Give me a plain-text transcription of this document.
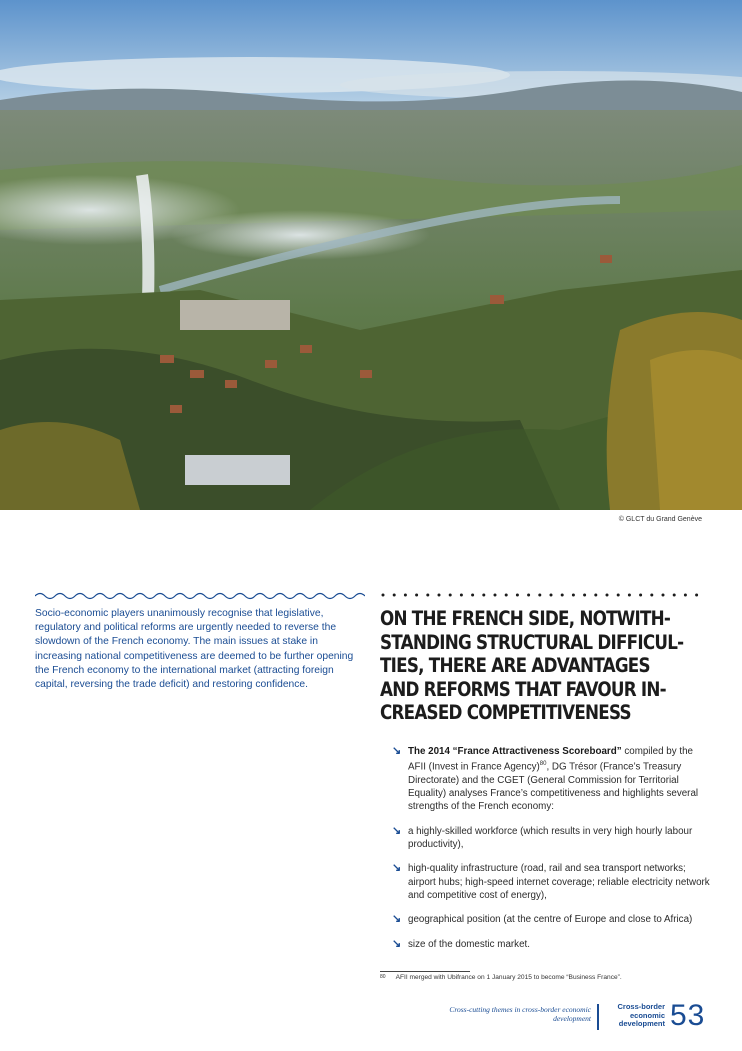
© GLCT du Grand Genève

Socio-economic players unanimously recognise that legislative, regulatory and political reforms are urgently needed to reverse the slowdown of the French economy. The main issues at stake in increasing national competitiveness are deemed to be further opening the French economy to the international market (attracting foreign capital, reversing the trade deficit) and restoring confidence.

ON THE FRENCH SIDE, NOTWITH-
STANDING STRUCTURAL DIFFICUL-
TIES, THERE ARE ADVANTAGES
AND REFORMS THAT FAVOUR IN-
CREASED COMPETITIVENESS
↘ The 2014 “France Attractiveness Scoreboard” compiled by the AFII (Invest in France Agency)$^{80}$, DG Trésor (France’s Treasury Directorate) and the CGET (General Commission for Territorial Equality) analyses France’s competitiveness and highlights several strengths of the French economy:
↘ a highly-skilled workforce (which results in very high hourly labour productivity),
↘ high-quality infrastructure (road, rail and sea transport networks; airport hubs; high-speed internet coverage; reliable electricity network and competitive cost of energy),
↘ geographical position (at the centre of Europe and close to Africa)
↘ size of the domestic market.
$^{80}$ AFII merged with Ubifrance on 1 January 2015 to become “Business France”.
Cross-cutting themes in cross-border economic development
Cross-border
economic
development 53
